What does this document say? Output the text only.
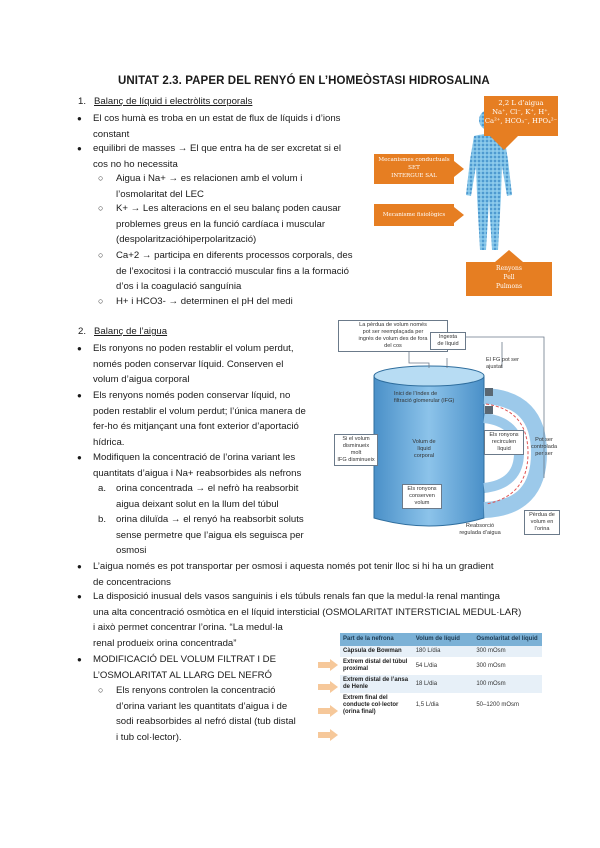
UNITAT 2.3. PAPER DEL RENYÓ EN L’HOMEÒSTASI HIDROSALINA
1. Balanç de líquid i electròlits corporals
● El cos humà es troba en un estat de flux de líquids i d’ions
constant
● equilibri de masses → El que entra ha de ser excretat si el
cos no ho necessita
○ Aigua i Na+ → es relacionen amb el volum i
l’osmolaritat del LEC
○ K+ → Les alteracions en el seu balanç poden causar
problemes greus en la funció cardíaca i muscular
(despolaritzacióhiperpolarització)
○ Ca+2 → participa en diferents processos corporals, des
de l’exocitosi i la contracció muscular fins a la formació
d’os i la coagulació sanguínia
○ H+ i HCO3- → determinen el pH del medi
2,2 L d’aigua
Na⁺, Cl⁻, K⁺, H⁺,
Ca²⁺, HCO₃⁻, HPO₄²⁻
Mecanismes conductuals
SET
INTERGUE SAL
Mecanisme fisiològics
Renyons
Pell
Pulmons
2. Balanç de l’aigua
● Els ronyons no poden restablir el volum perdut,
només poden conservar líquid. Conserven el
volum d’aigua corporal
● Els renyons només poden conservar líquid, no
poden restablir el volum perdut; l’única manera de
fer-ho és mitjançant una font exterior d’aportació
hídrica.
● Modifiquen la concentració de l’orina variant les
quantitats d’aigua i Na+ reabsorbides als nefrons
a. orina concentrada → el nefrò ha reabsorbit
aigua deixant solut en la llum del túbul
b. orina diluïda → el renyó ha reabsorbit soluts
sense permetre que l’aigua els seguisca per
osmosi
● L’aigua només es pot transportar per osmosi i aquesta només pot tenir lloc si hi ha un gradient
de concentracions
● La disposició inusual dels vasos sanguinis i els túbuls renals fan que la medul·la renal mantinga
una alta concentració osmòtica en el líquid intersticial (OSMOLARITAT INTERSTICIAL MEDUL·LAR)
i això permet concentrar l’orina. “La medul·la
renal produeix orina concentrada”
● MODIFICACIÓ DEL VOLUM FILTRAT I DE
L’OSMOLARITAT AL LLARG DEL NEFRÓ
○ Els renyons controlen la concentració
d’orina variant les quantitats d’aigua i de
sodi reabsorbides al nefró distal (tub distal
i tub col·lector).
La pèrdua de volum només
pot ser reemplaçada per
ingrés de volum des de fora
del cos
Ingesta
de líquid
El FG pot ser
ajustat
Inici de l’índex de
filtració glomerular (IFG)
Els ronyons
recirculen
líquid
Si el volum
disminueix molt
IFG disminueix
Volum de
líquid
corporal
Els ronyons
conserven
volum
Reabsorció
regulada d’aigua
Pot ser
controlada
per ser
Pèrdua de
volum en
l’orina
Part de la nefrona	Volum de líquid	Osmolaritat del líquid
Càpsula de Bowman	180 L/dia	300 mOsm
Extrem distal del túbul proximal	54 L/dia	300 mOsm
Extrem distal de l’ansa de Henle	18 L/dia	100 mOsm
Extrem final del conducte col·lector (orina final)	1,5 L/dia	50–1200 mOsm
